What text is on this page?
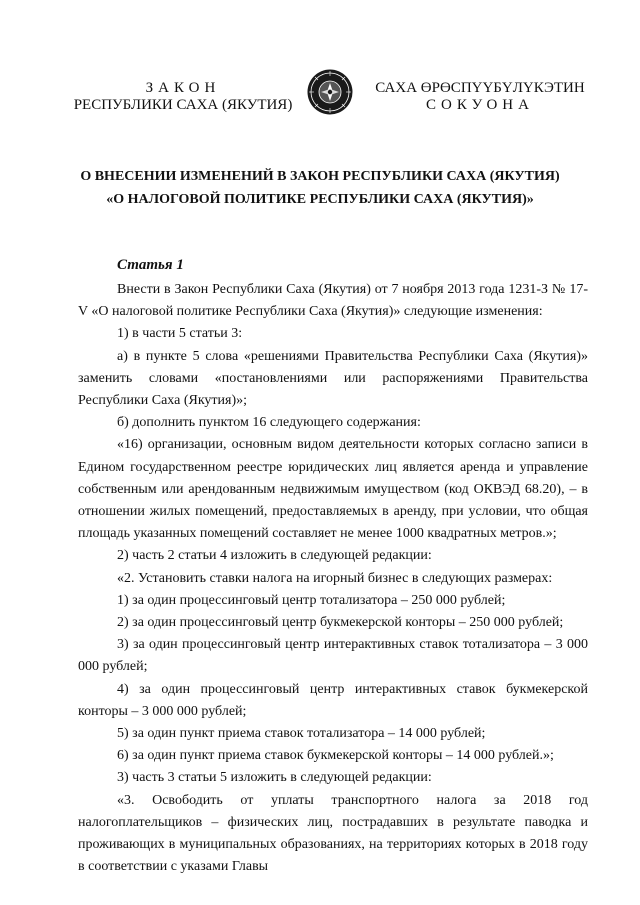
ЗАКОН
РЕСПУБЛИКИ САХА (ЯКУТИЯ)
САХА ӨРӨСПҮҮБҮЛҮКЭТИН
СОКУОНА
О ВНЕСЕНИИ ИЗМЕНЕНИЙ В ЗАКОН РЕСПУБЛИКИ САХА (ЯКУТИЯ)
«О НАЛОГОВОЙ ПОЛИТИКЕ РЕСПУБЛИКИ САХА (ЯКУТИЯ)»
Статья 1

Внести в Закон Республики Саха (Якутия) от 7 ноября 2013 года 1231-З № 17-V «О налоговой политике Республики Саха (Якутия)» следующие изменения:

1) в части 5 статьи 3:

а) в пункте 5 слова «решениями Правительства Республики Саха (Якутия)» заменить словами «постановлениями или распоряжениями Правительства Республики Саха (Якутия)»;

б) дополнить пунктом 16 следующего содержания:

«16) организации, основным видом деятельности которых согласно записи в Едином государственном реестре юридических лиц является аренда и управление собственным или арендованным недвижимым имуществом (код ОКВЭД 68.20), – в отношении жилых помещений, предоставляемых в аренду, при условии, что общая площадь указанных помещений составляет не менее 1000 квадратных метров.»;

2) часть 2 статьи 4 изложить в следующей редакции:

«2. Установить ставки налога на игорный бизнес в следующих размерах:

1) за один процессинговый центр тотализатора – 250 000 рублей;

2) за один процессинговый центр букмекерской конторы – 250 000 рублей;

3) за один процессинговый центр интерактивных ставок тотализатора – 3 000 000 рублей;

4) за один процессинговый центр интерактивных ставок букмекерской конторы – 3 000 000 рублей;

5) за один пункт приема ставок тотализатора – 14 000 рублей;

6) за один пункт приема ставок букмекерской конторы – 14 000 рублей.»;

3) часть 3 статьи 5 изложить в следующей редакции:

«3. Освободить от уплаты транспортного налога за 2018 год налогоплательщиков – физических лиц, пострадавших в результате паводка и проживающих в муниципальных образованиях, на территориях которых в 2018 году в соответствии с указами Главы
